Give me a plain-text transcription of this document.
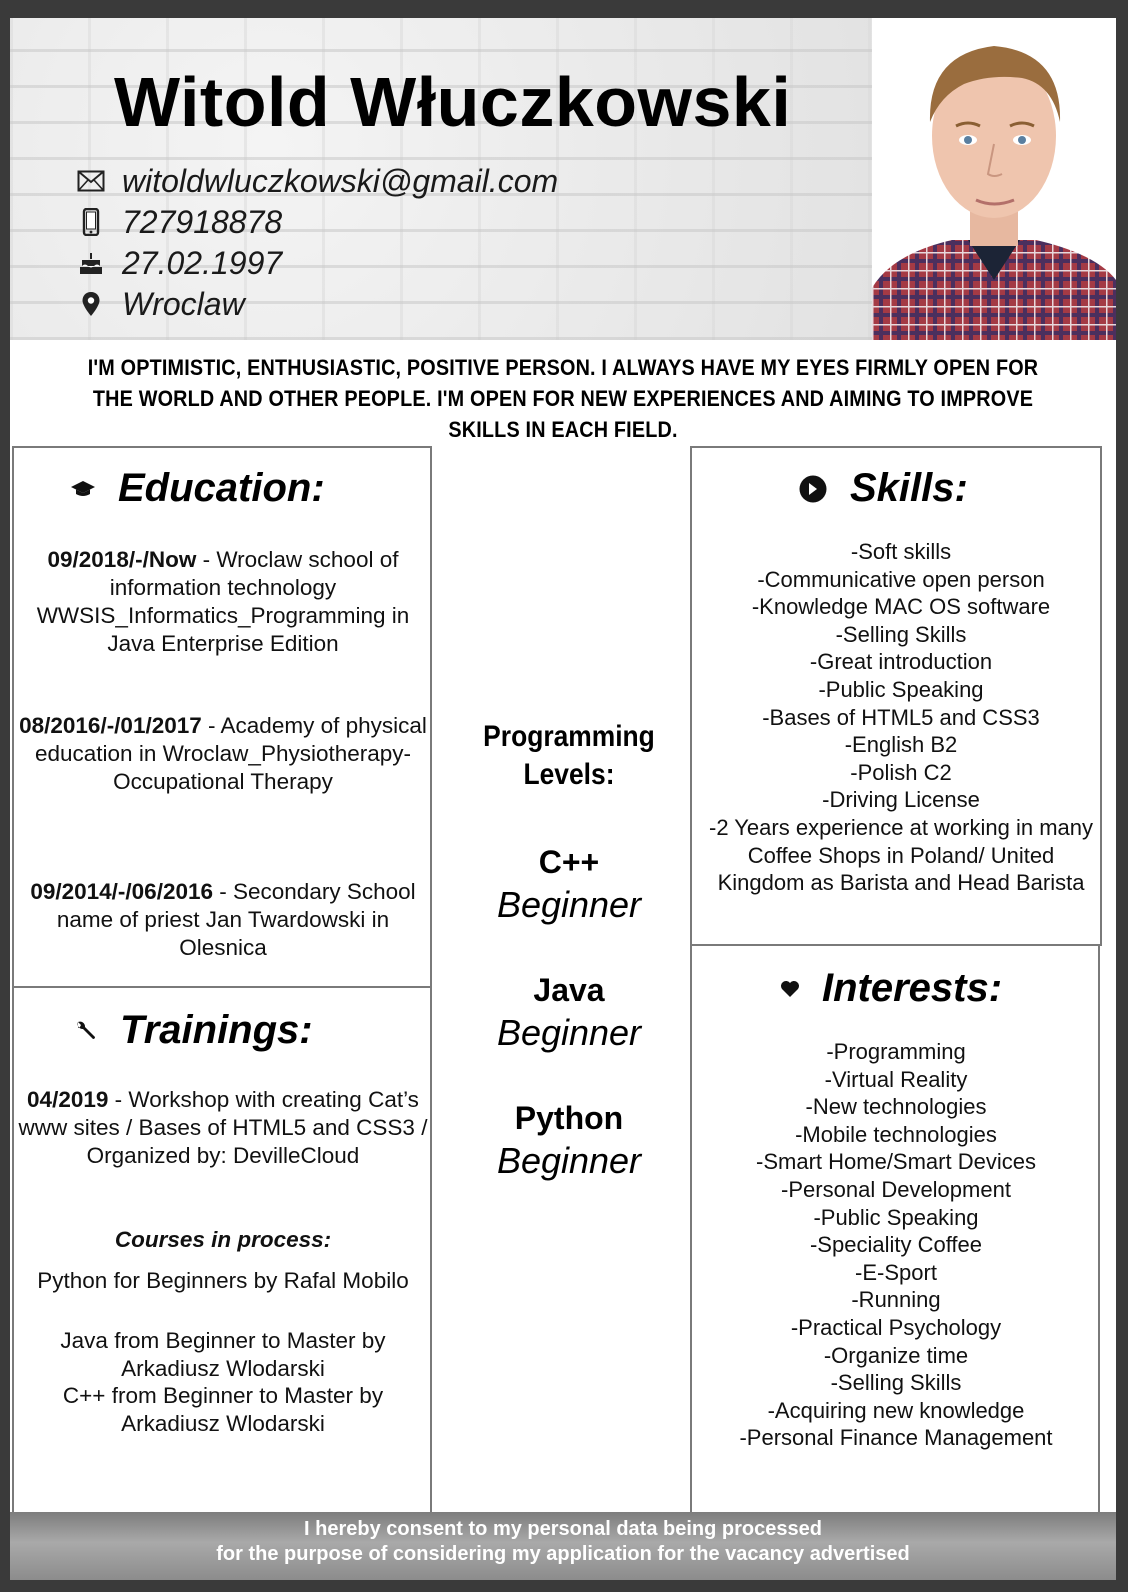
Witold Włuczkowski
witoldwluczkowski@gmail.com
727918878
27.02.1997
Wroclaw
I'M OPTIMISTIC, ENTHUSIASTIC, POSITIVE PERSON. I ALWAYS HAVE MY EYES FIRMLY OPEN FOR THE WORLD AND OTHER PEOPLE. I'M OPEN FOR NEW EXPERIENCES AND AIMING TO IMPROVE SKILLS IN EACH FIELD.
Education:
09/2018/-/Now - Wroclaw school of information technology WWSIS_Informatics_Programming in Java Enterprise Edition
08/2016/-/01/2017 - Academy of physical education in Wroclaw_Physiotherapy-Occupational Therapy
09/2014/-/06/2016 - Secondary School name of priest Jan Twardowski in Olesnica
Trainings:
04/2019 - Workshop with creating Cat’s www sites / Bases of HTML5 and CSS3 / Organized by: DevilleCloud
Courses in process:
Python for Beginners by Rafal Mobilo
Java from Beginner to Master by Arkadiusz Wlodarski
C++ from Beginner to Master by Arkadiusz Wlodarski
Programming
Levels:
C++
Beginner
Java
Beginner
Python
Beginner
Skills:
-Soft skills
-Communicative open person
-Knowledge MAC OS software
-Selling Skills
-Great introduction
-Public Speaking
-Bases of HTML5 and CSS3
-English B2
-Polish C2
-Driving License
-2 Years experience at working in many Coffee Shops in Poland/ United Kingdom as Barista and Head Barista
Interests:
-Programming
-Virtual Reality
-New technologies
-Mobile technologies
-Smart Home/Smart Devices
-Personal Development
-Public Speaking
-Speciality Coffee
-E-Sport
-Running
-Practical Psychology
-Organize time
-Selling Skills
-Acquiring new knowledge
-Personal Finance Management
I hereby consent to my personal data being processed
for the purpose of considering my application for the vacancy advertised
